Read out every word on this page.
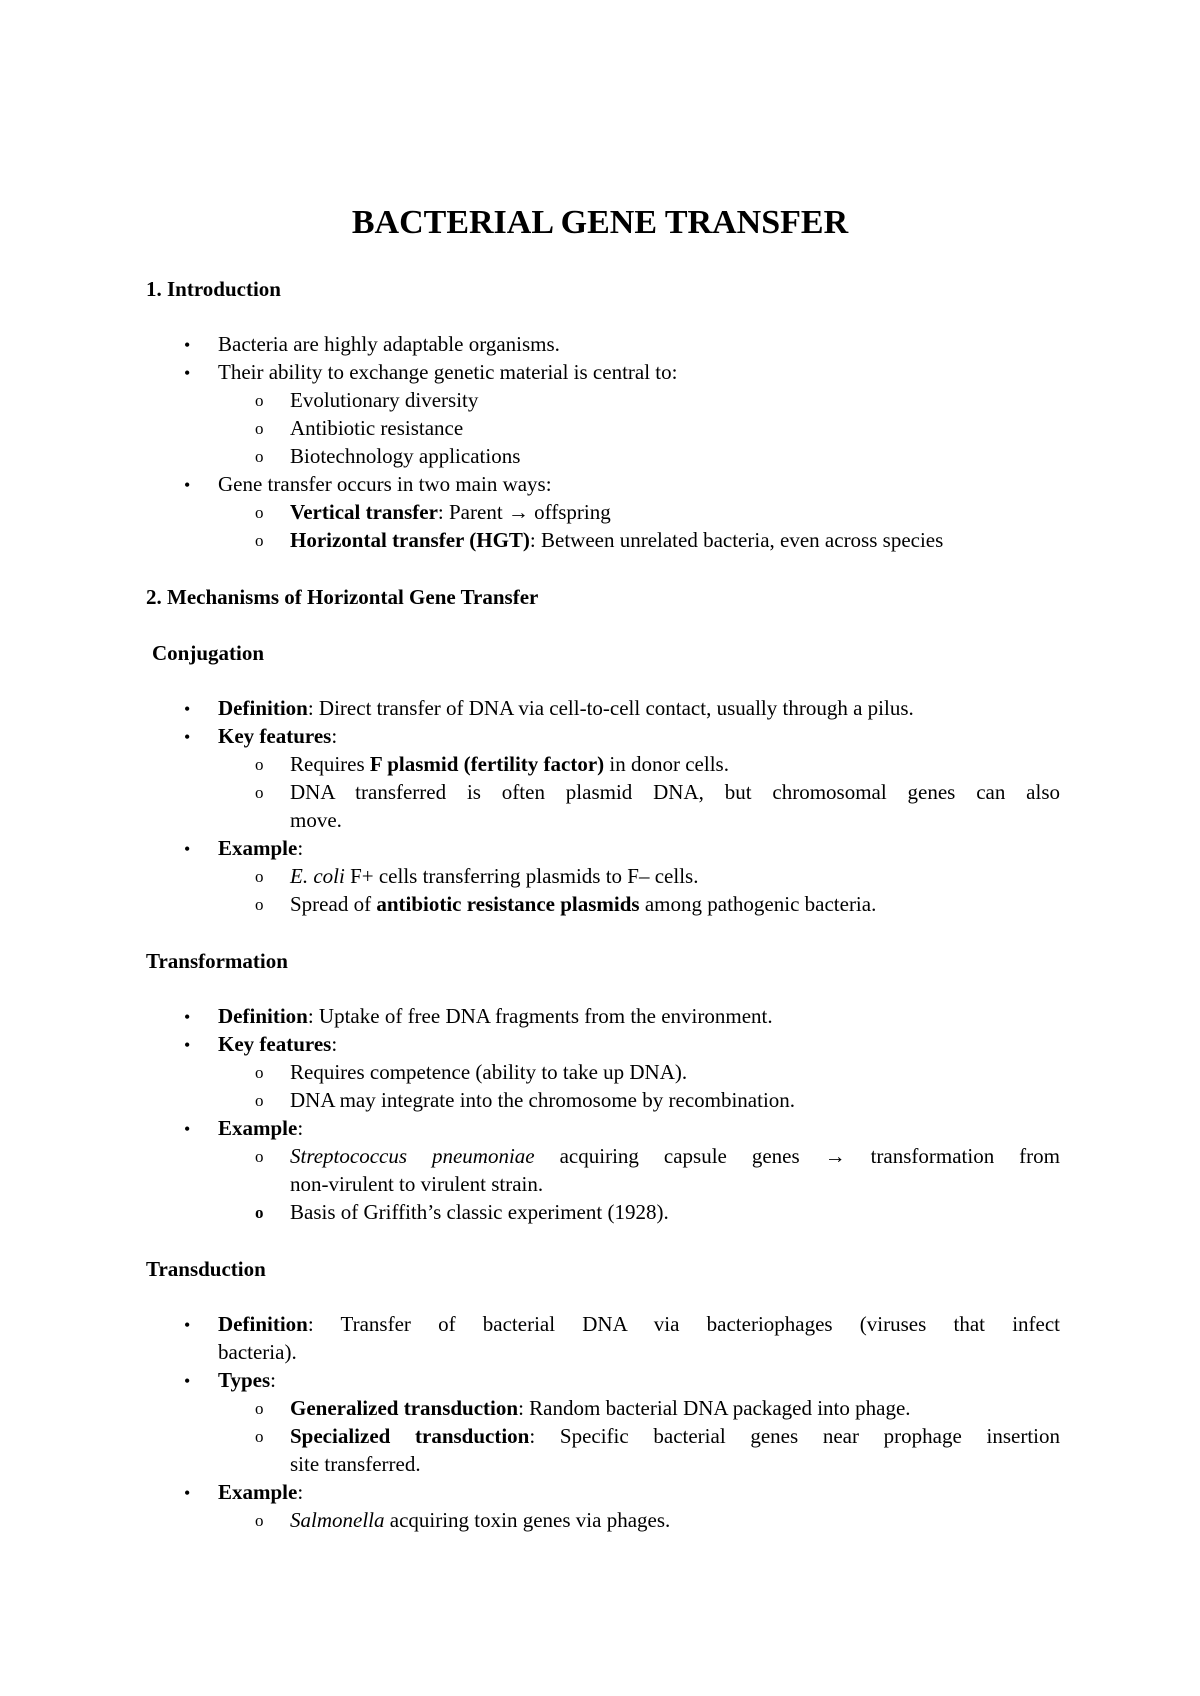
BACTERIAL GENE TRANSFER
1. Introduction
• Bacteria are highly adaptable organisms.
• Their ability to exchange genetic material is central to:
o Evolutionary diversity
o Antibiotic resistance
o Biotechnology applications
• Gene transfer occurs in two main ways:
o Vertical transfer: Parent → offspring
o Horizontal transfer (HGT): Between unrelated bacteria, even across species
2. Mechanisms of Horizontal Gene Transfer
Conjugation
• Definition: Direct transfer of DNA via cell-to-cell contact, usually through a pilus.
• Key features:
o Requires F plasmid (fertility factor) in donor cells.
o DNA transferred is often plasmid DNA, but chromosomal genes can also
move.
• Example:
o E. coli F+ cells transferring plasmids to F– cells.
o Spread of antibiotic resistance plasmids among pathogenic bacteria.
Transformation
• Definition: Uptake of free DNA fragments from the environment.
• Key features:
o Requires competence (ability to take up DNA).
o DNA may integrate into the chromosome by recombination.
• Example:
o Streptococcus pneumoniae acquiring capsule genes → transformation from
non-virulent to virulent strain.
o Basis of Griffith’s classic experiment (1928).
Transduction
• Definition: Transfer of bacterial DNA via bacteriophages (viruses that infect
bacteria).
• Types:
o Generalized transduction: Random bacterial DNA packaged into phage.
o Specialized transduction: Specific bacterial genes near prophage insertion
site transferred.
• Example:
o Salmonella acquiring toxin genes via phages.
